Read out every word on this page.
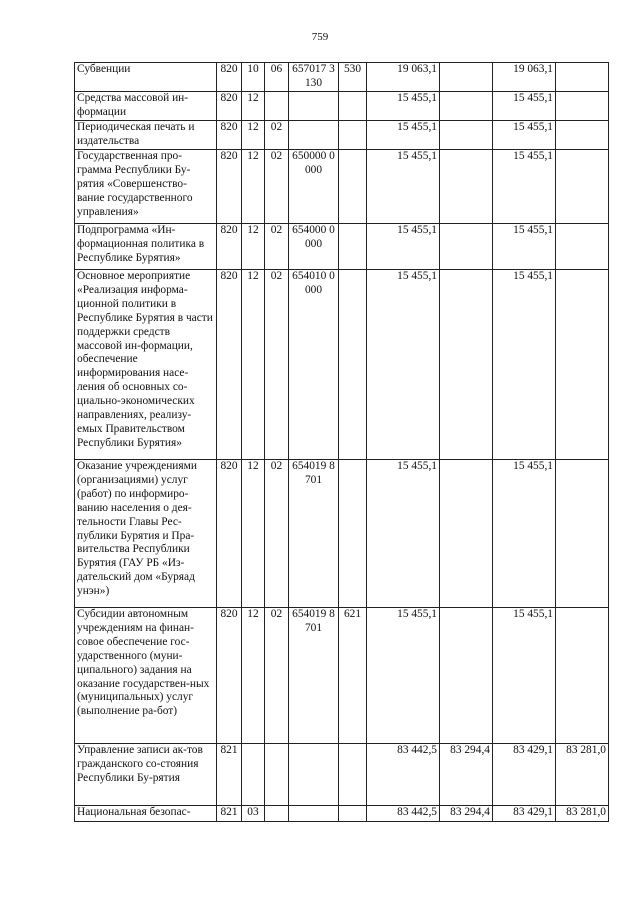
759
Субвенции	820	10	06	657017 3130	530	19 063,1		19 063,1	
Средства массовой ин-формации	820	12				15 455,1		15 455,1	
Периодическая печать и издательства	820	12	02			15 455,1		15 455,1	
Государственная про-грамма Республики Бу-рятия «Совершенство-вание государственного управления»	820	12	02	650000 0000		15 455,1		15 455,1	
Подпрограмма «Ин-формационная политика в Республике Бурятия»	820	12	02	654000 0000		15 455,1		15 455,1	
Основное мероприятие «Реализация информа-ционной политики в Республике Бурятия в части поддержки средств массовой ин-формации, обеспечение информирования насе-ления об основных со-циально-экономических направлениях, реализу-емых Правительством Республики Бурятия»	820	12	02	654010 0000		15 455,1		15 455,1	
Оказание учреждениями (организациями) услуг (работ) по информиро-ванию населения о дея-тельности Главы Рес-публики Бурятия и Пра-вительства Республики Бурятия (ГАУ РБ «Из-дательский дом «Буряад унэн»)	820	12	02	654019 8701		15 455,1		15 455,1	
Субсидии автономным учреждениям на финан-совое обеспечение гос-ударственного (муни-ципального) задания на оказание государствен-ных (муниципальных) услуг (выполнение ра-бот)	820	12	02	654019 8701	621	15 455,1		15 455,1	
Управление записи ак-тов гражданского со-стояния Республики Бу-рятия	821					83 442,5	83 294,4	83 429,1	83 281,0
Национальная безопас-	821	03				83 442,5	83 294,4	83 429,1	83 281,0
